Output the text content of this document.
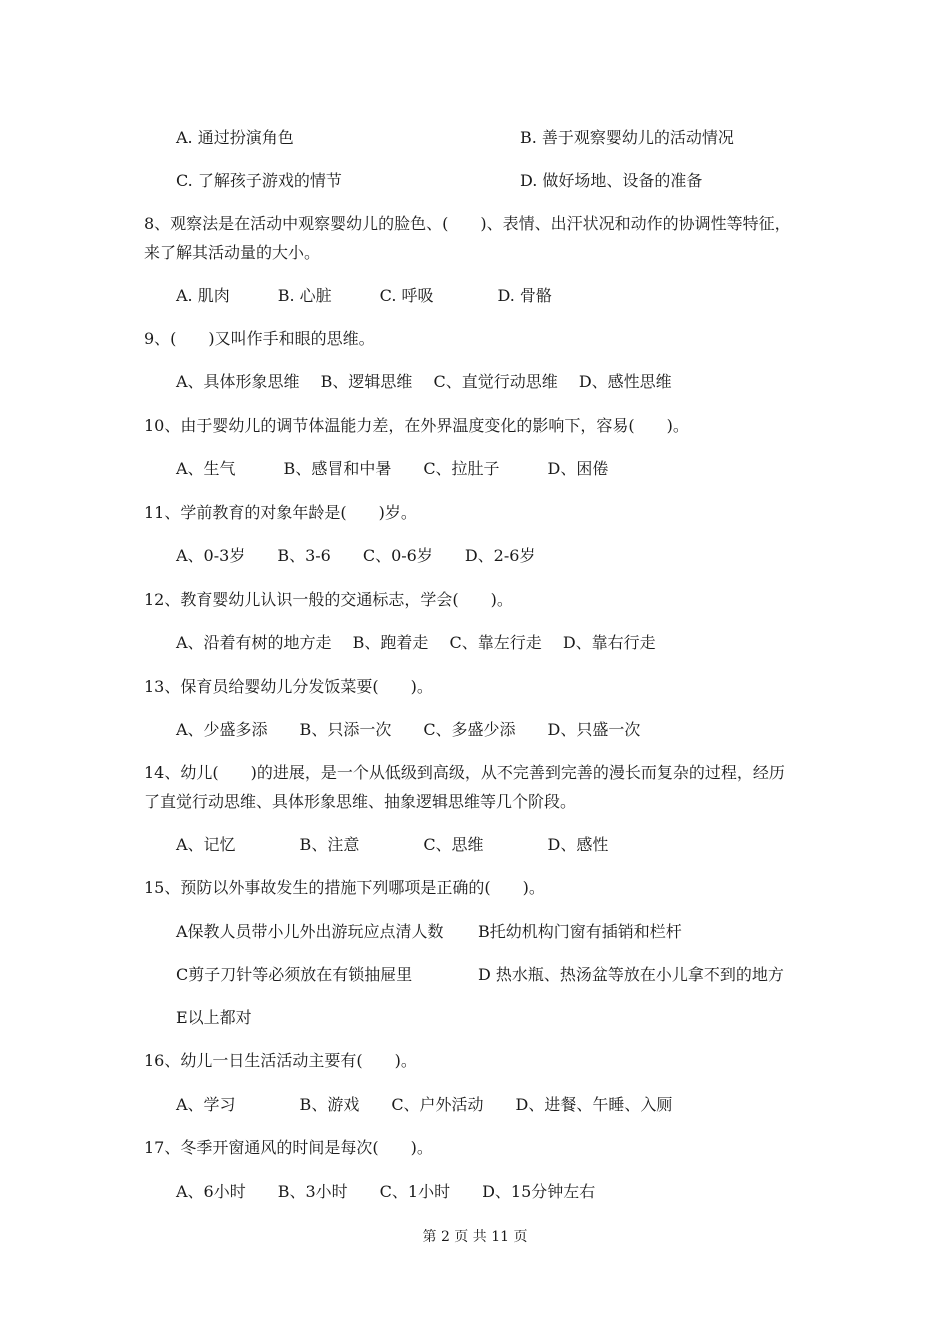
A. 通过扮演角色	B. 善于观察婴幼儿的活动情况
C. 了解孩子游戏的情节	D. 做好场地、设备的准备
8、观察法是在活动中观察婴幼儿的脸色、(　　)、表情、出汗状况和动作的协调性等特征，
来了解其活动量的大小。
A. 肌肉　　　B. 心脏　　　C. 呼吸　　　　D. 骨骼
9、(　　)又叫作手和眼的思维。
A、具体形象思维　 B、逻辑思维　 C、直觉行动思维　 D、感性思维
10、由于婴幼儿的调节体温能力差，在外界温度变化的影响下，容易(　　)。
A、生气　　　B、感冒和中暑　　C、拉肚子　　　D、困倦
11、学前教育的对象年龄是(　　)岁。
A、0-3岁　　B、3-6　　C、0-6岁　　D、2-6岁
12、教育婴幼儿认识一般的交通标志，学会(　　)。
A、沿着有树的地方走　 B、跑着走　 C、靠左行走　 D、靠右行走
13、保育员给婴幼儿分发饭菜要(　　)。
A、少盛多添　　B、只添一次　　C、多盛少添　　D、只盛一次
14、幼儿(　　)的进展，是一个从低级到高级，从不完善到完善的漫长而复杂的过程，经历
了直觉行动思维、具体形象思维、抽象逻辑思维等几个阶段。
A、记忆　　　　B、注意　　　　C、思维　　　　D、感性
15、预防以外事故发生的措施下列哪项是正确的(　　)。
A保教人员带小儿外出游玩应点清人数 B托幼机构门窗有插销和栏杆
C剪子刀针等必须放在有锁抽屉里	D 热水瓶、热汤盆等放在小儿拿不到的地方
E以上都对
16、幼儿一日生活活动主要有(　　)。
A、学习　　　　B、游戏　　C、户外活动　　D、进餐、午睡、入厕
17、冬季开窗通风的时间是每次(　　)。
A、6小时　　B、3小时　　C、1小时　　D、15分钟左右
第 2 页 共 11 页
